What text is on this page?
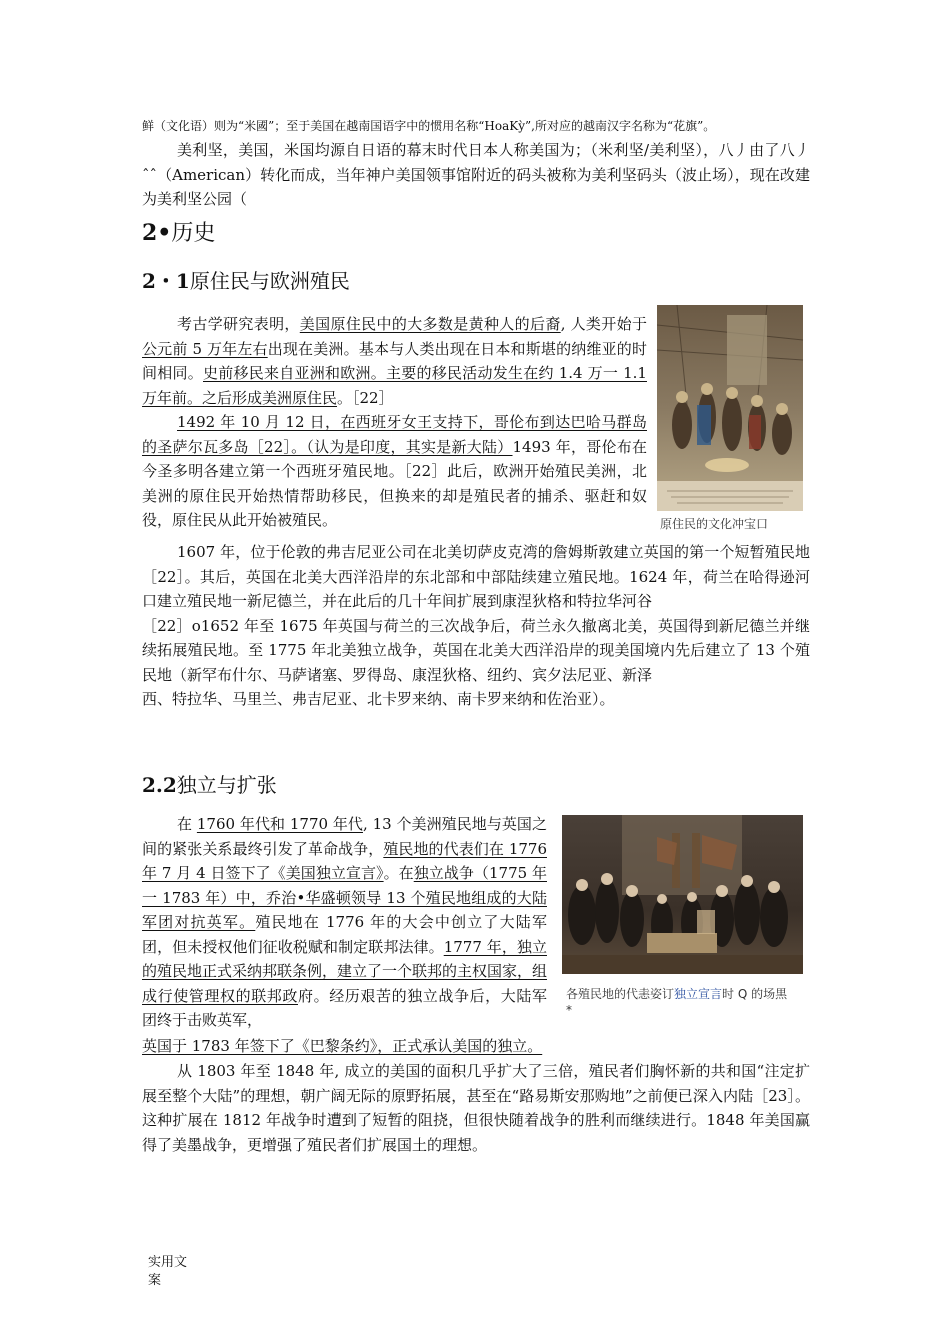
鲜（文化语）则为“米國”；至于美国在越南国语字中的惯用名称“HoaKỳ”,所对应的越南汉字名称为“花旗”。

美利坚，美国，米国均源自日语的幕末时代日本人称美国为；（米利坚/美利坚），八丿由了八丿ˆˆ（American）转化而成，当年神户美国领事馆附近的码头被称为美利坚码头（波止场），现在改建为美利坚公园（

2•历史
2・1原住民与欧洲殖民

考古学研究表明，美国原住民中的大多数是黄种人的后裔, 人类开始于公元前 5 万年左右出现在美洲。基本与人类出现在日本和斯堪的纳维亚的时间相同。史前移民来自亚洲和欧洲。主要的移民活动发生在约 1.4 万一 1.1 万年前。之后形成美洲原住民。［22］

1492 年 10 月 12 日，在西班牙女王支持下，哥伦布到达巴哈马群岛的圣萨尔瓦多岛［22］。（认为是印度，其实是新大陆）1493 年，哥伦布在今圣多明各建立第一个西班牙殖民地。［22］此后，欧洲开始殖民美洲，北美洲的原住民开始热情帮助移民，但换来的却是殖民者的捕杀、驱赶和奴役，原住民从此开始被殖民。	原住民的文化冲宝口

1607 年，位于伦敦的弗吉尼亚公司在北美切萨皮克湾的詹姆斯敦建立英国的第一个短暂殖民地［22］。其后，英国在北美大西洋沿岸的东北部和中部陆续建立殖民地。1624 年，荷兰在哈得逊河口建立殖民地一新尼德兰，并在此后的几十年间扩展到康涅狄格和特拉华河谷

［22］o1652 年至 1675 年英国与荷兰的三次战争后，荷兰永久撤离北美，英国得到新尼德兰并继续拓展殖民地。至 1775 年北美独立战争，英国在北美大西洋沿岸的现美国境内先后建立了 13 个殖民地（新罕布什尔、马萨诸塞、罗得岛、康涅狄格、纽约、宾夕法尼亚、新泽

西、特拉华、马里兰、弗吉尼亚、北卡罗来纳、南卡罗来纳和佐治亚）。

2.2独立与扩张

在 1760 年代和 1770 年代, 13 个美洲殖民地与英国之间的紧张关系最终引发了革命战争，殖民地的代表们在 1776 年 7 月 4 日签下了《美国独立宣言》。在独立战争（1775 年一 1783 年）中，乔治•华盛顿领导 13 个殖民地组成的大陆军团对抗英军。殖民地在 1776 年的大会中创立了大陆军团，但未授权他们征收税赋和制定联邦法律。1777 年，独立的殖民地正式采纳邦联条例，建立了一个联邦的主权国家，组成行使管理权的联邦政府。经历艰苦的独立战争后，大陆军团终于击败英军，

英国于 1783 年签下了《巴黎条约》，正式承认美国的独立。

各殖民地的代恚姿订独立宣言时 Q 的场黒
*

从 1803 年至 1848 年, 成立的美国的面积几乎扩大了三倍，殖民者们胸怀新的共和国“注定扩展至整个大陆”的理想，朝广阔无际的原野拓展，甚至在“路易斯安那购地”之前便已深入内陆［23］。这种扩展在 1812 年战争时遭到了短暂的阻挠，但很快随着战争的胜利而继续进行。1848 年美国赢得了美墨战争，更增强了殖民者们扩展国土的理想。

实用文
案
